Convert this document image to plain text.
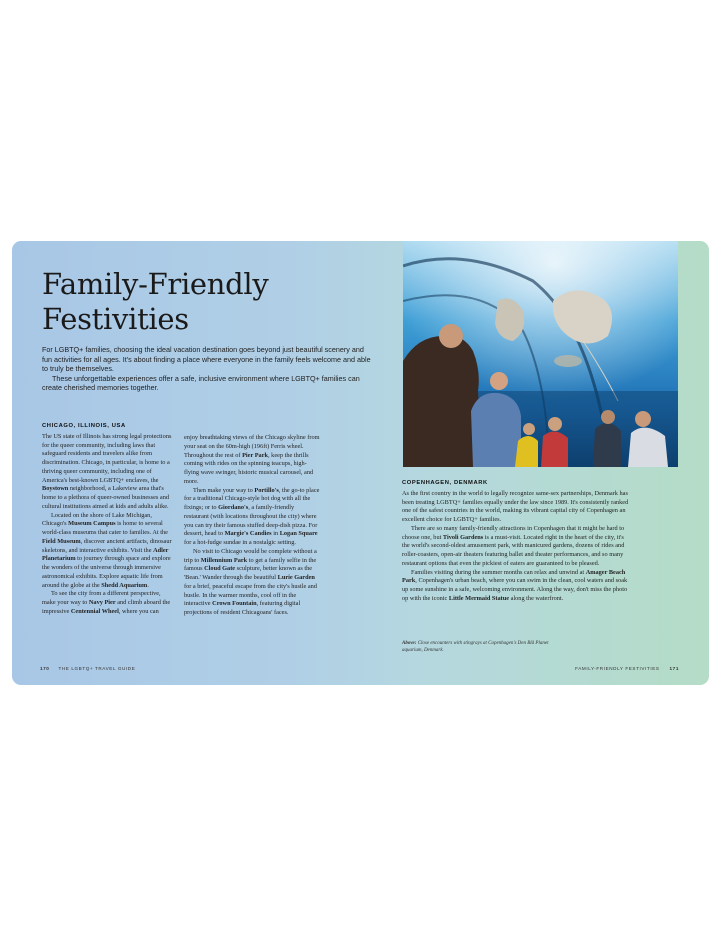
Family-Friendly
Festivities

For LGBTQ+ families, choosing the ideal vacation destination goes beyond just beautiful scenery and fun activities for all ages. It's about finding a place where everyone in the family feels welcome and able to truly be themselves.

These unforgettable experiences offer a safe, inclusive environment where LGBTQ+ families can create cherished memories together.

CHICAGO, ILLINOIS, USA

The US state of Illinois has strong legal protections for the queer community, including laws that safeguard residents and travelers alike from discrimination. Chicago, in particular, is home to a thriving queer community, including one of America's best-known LGBTQ+ enclaves, the Boystown neighborhood, a Lakeview area that's home to a plethora of queer-owned businesses and cultural institutions aimed at kids and adults alike.

Located on the shore of Lake Michigan, Chicago's Museum Campus is home to several world-class museums that cater to families. At the Field Museum, discover ancient artifacts, dinosaur skeletons, and interactive exhibits. Visit the Adler Planetarium to journey through space and explore the wonders of the universe through immersive astronomical exhibits. Explore aquatic life from around the globe at the Shedd Aquarium.

To see the city from a different perspective, make your way to Navy Pier and climb aboard the impressive Centennial Wheel, where you can

enjoy breathtaking views of the Chicago skyline from your seat on the 60m-high (196ft) Ferris wheel. Throughout the rest of Pier Park, keep the thrills coming with rides on the spinning teacups, high-flying wave swinger, historic musical carousel, and more.

Then make your way to Portillo's, the go-to place for a traditional Chicago-style hot dog with all the fixings; or to Giordano's, a family-friendly restaurant (with locations throughout the city) where you can try their famous stuffed deep-dish pizza. For dessert, head to Margie's Candies in Logan Square for a hot-fudge sundae in a nostalgic setting.

No visit to Chicago would be complete without a trip to Millennium Park to get a family selfie in the famous Cloud Gate sculpture, better known as the 'Bean.' Wander through the beautiful Lurie Garden for a brief, peaceful escape from the city's hustle and bustle. In the warmer months, cool off in the interactive Crown Fountain, featuring digital projections of resident Chicagoans' faces.

COPENHAGEN, DENMARK

As the first country in the world to legally recognize same-sex partnerships, Denmark has been treating LGBTQ+ families equally under the law since 1989. It's consistently ranked one of the safest countries in the world, making its vibrant capital city of Copenhagen an excellent choice for LGBTQ+ families.

There are so many family-friendly attractions in Copenhagen that it might be hard to choose one, but Tivoli Gardens is a must-visit. Located right in the heart of the city, it's the world's second-oldest amusement park, with manicured gardens, dozens of rides and roller-coasters, open-air theaters featuring ballet and theater performances, and so many restaurant options that even the pickiest of eaters are guaranteed to be pleased.

Families visiting during the summer months can relax and unwind at Amager Beach Park, Copenhagen's urban beach, where you can swim in the clean, cool waters and soak up some sunshine in a safe, welcoming environment. Along the way, don't miss the photo op with the iconic Little Mermaid Statue along the waterfront.

Above: Close encounters with stingrays at Copenhagen's Den Blå Planet aquarium, Denmark.
170 THE LGBTQ+ TRAVEL GUIDE	FAMILY-FRIENDLY FESTIVITIES 171
